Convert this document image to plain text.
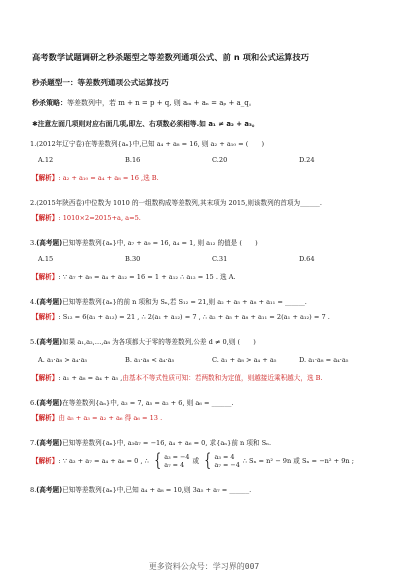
高考数学试题调研之秒杀题型之等差数列通项公式、前 n 项和公式运算技巧
秒杀题型一：等差数列通项公式运算技巧
秒杀策略：等差数列中，若 m + n = p + q, 则 aₘ + aₙ = aₚ + a_q。
✱注意左面几项则对应右面几项,即左、右项数必须相等.如 a₁ ≠ a₂ + a₃。
1.(2012年辽宁卷)在等差数列{aₙ}中,已知 a₄ + a₈ = 16, 则 a₂ + a₁₀ = (　　)
A.12	B.16	C.20	D.24
【解析】: a₂ + a₁₀ = a₄ + a₈ = 16 ,选 B.
2.(2015年陕西卷)中位数为 1010 的一组数构成等差数列,其末项为 2015,则该数列的首项为______.
【解析】: 1010×2=2015+a, a=5.
3.(高考题)已知等差数列{aₙ}中, a₇ + a₉ = 16, a₄ = 1, 则 a₁₂ 的值是 (　　)
A.15	B.30	C.31	D.64
【解析】: ∵ a₇ + a₉ = a₄ + a₁₂ = 16 = 1 + a₁₂ ∴ a₁₂ = 15 . 选 A.
4.(高考题)已知等差数列{aₙ}的前 n 项和为 Sₙ,若 S₁₂ = 21,则 a₂ + a₅ + a₈ + a₁₁ = ______.
【解析】: S₁₂ = 6(a₁ + a₁₂) = 21 , ∴ 2(a₁ + a₁₂) = 7 , ∴ a₂ + a₅ + a₈ + a₁₁ = 2(a₁ + a₁₂) = 7 .
5.(高考题)如果 a₁,a₂,…,a₈ 为各项都大于零的等差数列,公差 d ≠ 0,则 (　　)
A. a₁·a₈ > a₄·a₅	B. a₁·a₈ < a₄·a₅	C. a₁ + a₈ > a₄ + a₅	D. a₁·a₈ = a₄·a₅
【解析】: a₁ + a₈ = a₄ + a₅ ,由基本不等式性质可知：若两数和为定值，则越接近乘积越大，选 B.
6.(高考题)在等差数列{aₙ}中, a₃ = 7, a₅ = a₂ + 6, 则 a₆ = ______.
【解析】由 a₅ + a₃ = a₂ + a₆ 得 a₆ = 13 .
7.(高考题)已知等差数列{aₙ}中, a₃a₇ = −16, a₄ + a₆ = 0, 求{aₙ}前 n 项和 Sₙ.
【解析】 : ∵ a₃ + a₇ = a₄ + a₆ = 0 , ∴ { a₃ = −4
a₇ = 4
或 { a₃ = 4
a₇ = −4
∴ Sₙ = n² − 9n 或 Sₙ = −n² + 9n ;
8.(高考题)已知等差数列{aₙ}中,已知 a₄ + a₈ = 10,则 3a₅ + a₇ = ______.
更多资料公众号：学习界的007
